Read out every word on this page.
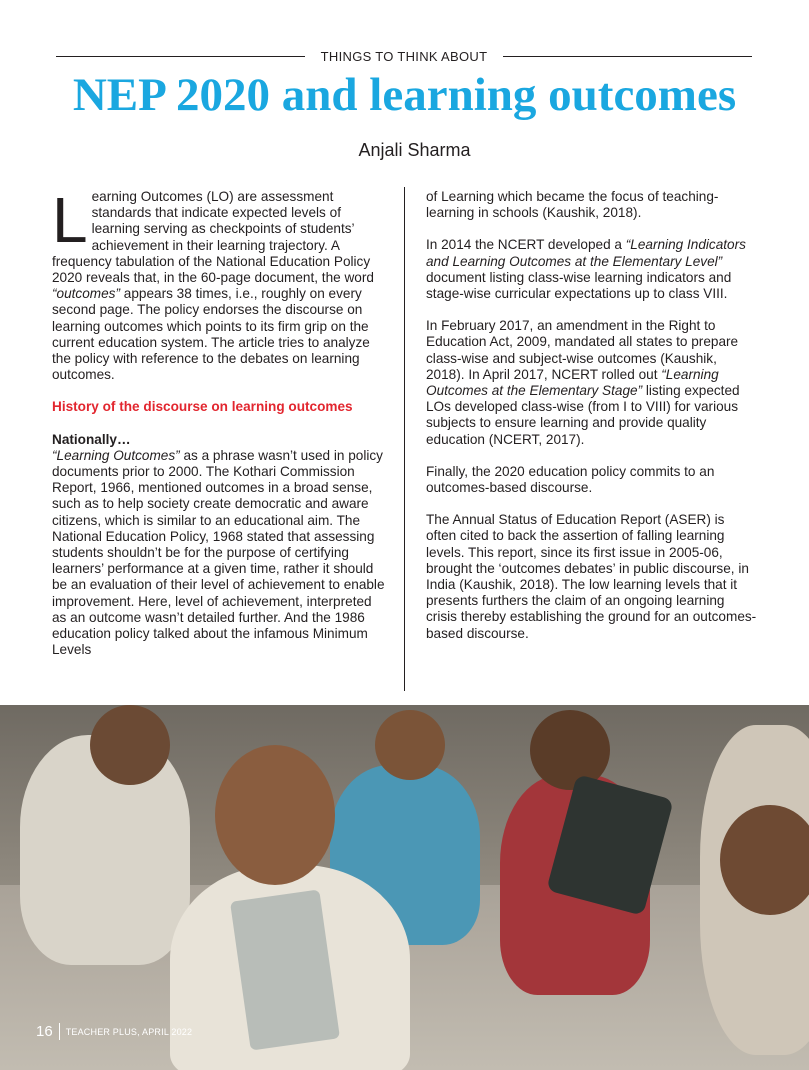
THINGS TO THINK ABOUT
NEP 2020 and learning outcomes
Anjali Sharma

Learning Outcomes (LO) are assessment standards that indicate expected levels of learning serving as checkpoints of students’ achievement in their learning trajectory. A frequency tabulation of the National Education Policy 2020 reveals that, in the 60-page document, the word “outcomes” appears 38 times, i.e., roughly on every second page. The policy endorses the discourse on learning outcomes which points to its firm grip on the current education system. The article tries to analyze the policy with reference to the debates on learning outcomes.

History of the discourse on learning outcomes

Nationally…
“Learning Outcomes” as a phrase wasn’t used in policy documents prior to 2000. The Kothari Commission Report, 1966, mentioned outcomes in a broad sense, such as to help society create democratic and aware citizens, which is similar to an educational aim. The National Education Policy, 1968 stated that assessing students shouldn’t be for the purpose of certifying learners’ performance at a given time, rather it should be an evaluation of their level of achievement to enable improvement. Here, level of achievement, interpreted as an outcome wasn’t detailed further. And the 1986 education policy talked about the infamous Minimum Levels

of Learning which became the focus of teaching-learning in schools (Kaushik, 2018).

In 2014 the NCERT developed a “Learning Indicators and Learning Outcomes at the Elementary Level” document listing class-wise learning indicators and stage-wise curricular expectations up to class VIII.

In February 2017, an amendment in the Right to Education Act, 2009, mandated all states to prepare class-wise and subject-wise outcomes (Kaushik, 2018). In April 2017, NCERT rolled out “Learning Outcomes at the Elementary Stage” listing expected LOs developed class-wise (from I to VIII) for various subjects to ensure learning and provide quality education (NCERT, 2017).

Finally, the 2020 education policy commits to an outcomes-based discourse.

The Annual Status of Education Report (ASER) is often cited to back the assertion of falling learning levels. This report, since its first issue in 2005-06, brought the ‘outcomes debates’ in public discourse, in India (Kaushik, 2018). The low learning levels that it presents furthers the claim of an ongoing learning crisis thereby establishing the ground for an outcomes-based discourse.

16	TEACHER PLUS, APRIL 2022
